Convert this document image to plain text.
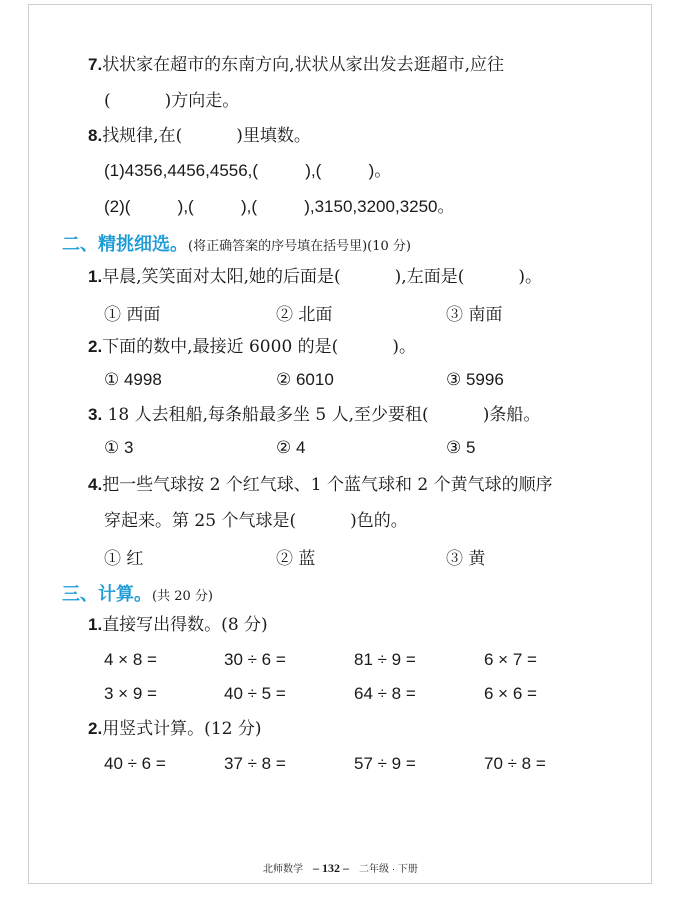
7.状状家在超市的东南方向,状状从家出发去逛超市,应往
(          )方向走。
8.找规律,在(          )里填数。
(1)4356,4456,4556,(          ),(          )。
(2)(          ),(          ),(          ),3150,3200,3250。
二、精挑细选。(将正确答案的序号填在括号里)(10 分)
1.早晨,笑笑面对太阳,她的后面是(          ),左面是(          )。
① 西面	② 北面	③ 南面
2.下面的数中,最接近 6000 的是(          )。
① 4998	② 6010	③ 5996
3. 18 人去租船,每条船最多坐 5 人,至少要租(          )条船。
① 3	② 4	③ 5
4.把一些气球按 2 个红气球、1 个蓝气球和 2 个黄气球的顺序
穿起来。第 25 个气球是(          )色的。
① 红	② 蓝	③ 黄
三、计算。(共 20 分)
1.直接写出得数。(8 分)
4 × 8 =	30 ÷ 6 =	81 ÷ 9 =	6 × 7 =
3 × 9 =	40 ÷ 5 =	64 ÷ 8 =	6 × 6 =
2.用竖式计算。(12 分)
40 ÷ 6 =	37 ÷ 8 =	57 ÷ 9 =	70 ÷ 8 =
北师数学 – 132 – 二年级 · 下册
